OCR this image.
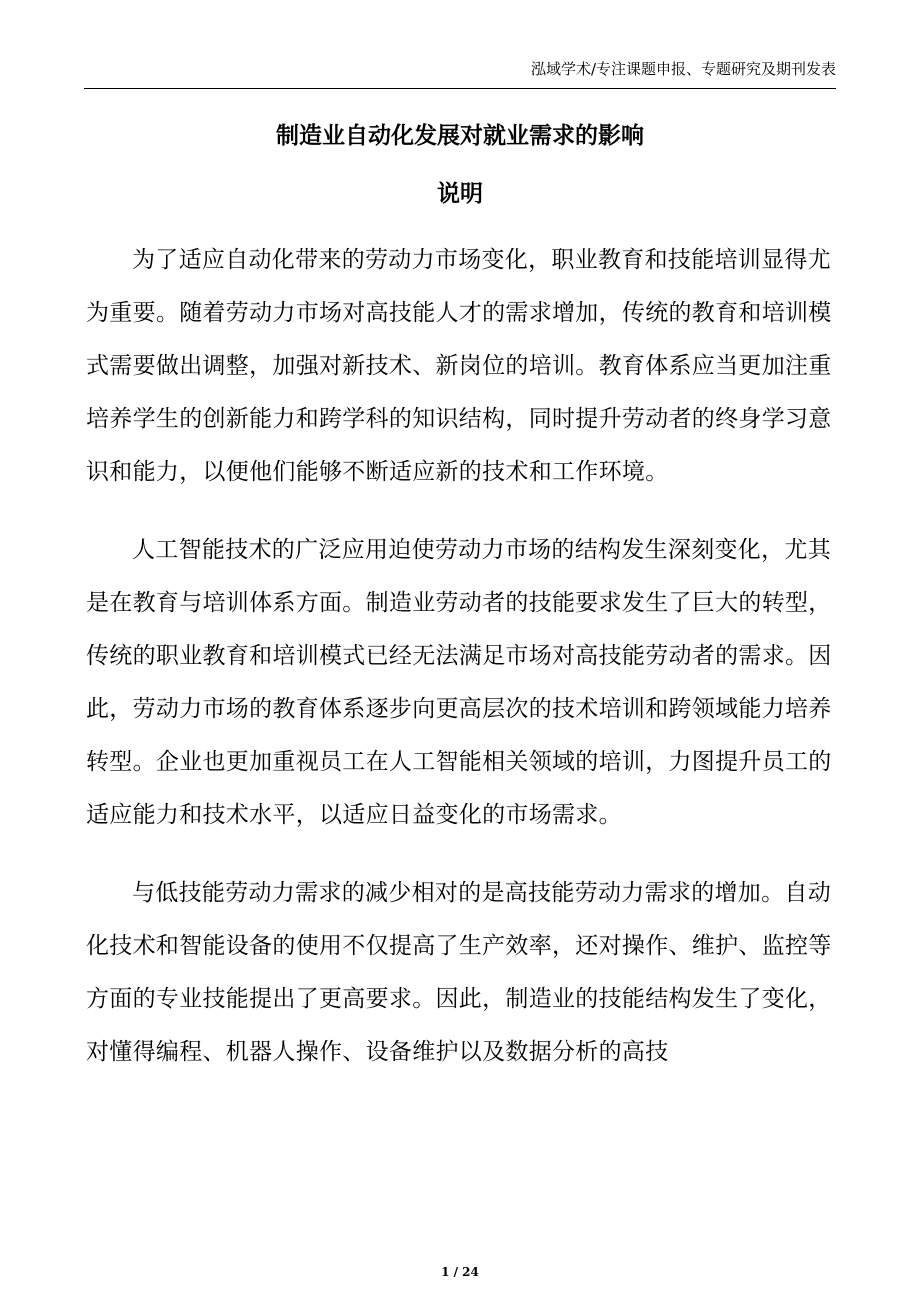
泓域学术/专注课题申报、专题研究及期刊发表
制造业自动化发展对就业需求的影响
说明

为了适应自动化带来的劳动力市场变化，职业教育和技能培训显得尤为重要。随着劳动力市场对高技能人才的需求增加，传统的教育和培训模式需要做出调整，加强对新技术、新岗位的培训。教育体系应当更加注重培养学生的创新能力和跨学科的知识结构，同时提升劳动者的终身学习意识和能力，以便他们能够不断适应新的技术和工作环境。

人工智能技术的广泛应用迫使劳动力市场的结构发生深刻变化，尤其是在教育与培训体系方面。制造业劳动者的技能要求发生了巨大的转型，传统的职业教育和培训模式已经无法满足市场对高技能劳动者的需求。因此，劳动力市场的教育体系逐步向更高层次的技术培训和跨领域能力培养转型。企业也更加重视员工在人工智能相关领域的培训，力图提升员工的适应能力和技术水平，以适应日益变化的市场需求。

与低技能劳动力需求的减少相对的是高技能劳动力需求的增加。自动化技术和智能设备的使用不仅提高了生产效率，还对操作、维护、监控等方面的专业技能提出了更高要求。因此，制造业的技能结构发生了变化，对懂得编程、机器人操作、设备维护以及数据分析的高技

1 / 24
